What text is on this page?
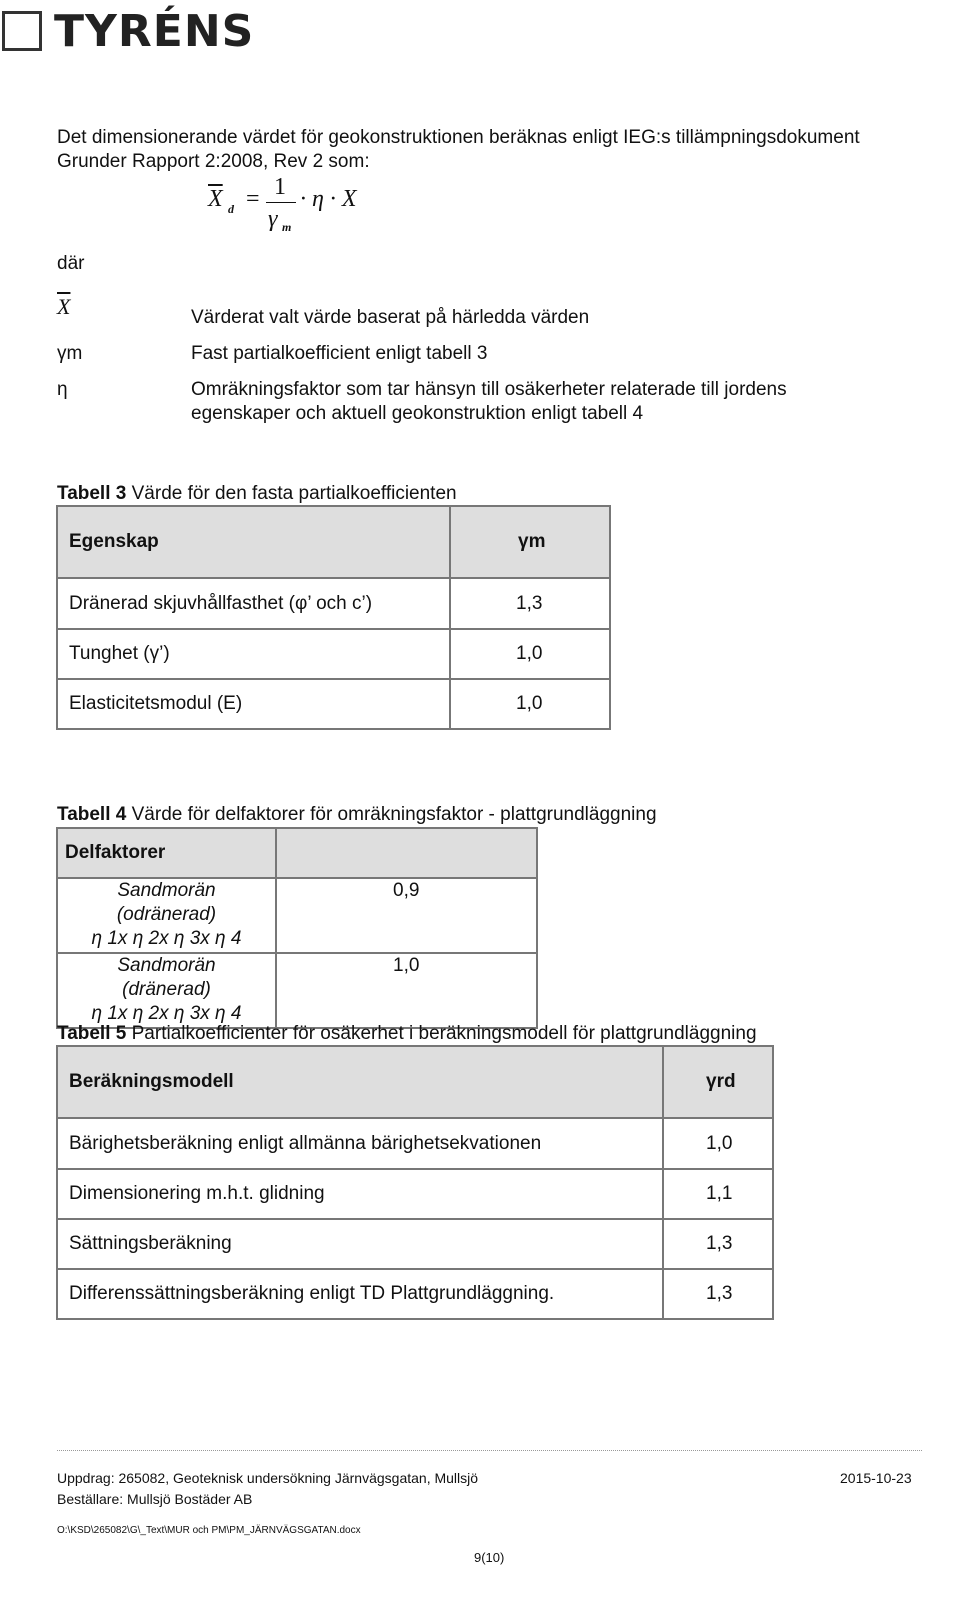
TYRÉNS
Det dimensionerande värdet för geokonstruktionen beräknas enligt IEG:s tillämpningsdokument
Grunder Rapport 2:2008, Rev 2 som:
$\overline{X}$ d = 1
γ m
· η · X
där
$\overline{X}$	Värderat valt värde baserat på härledda värden
γm	Fast partialkoefficient enligt tabell 3
η	Omräkningsfaktor som tar hänsyn till osäkerheter relaterade till jordens
egenskaper och aktuell geokonstruktion enligt tabell 4
Tabell 3 Värde för den fasta partialkoefficienten
Egenskap	γm
Dränerad skjuvhållfasthet (φ’ och c’)	1,3
Tunghet (γ’)	1,0
Elasticitetsmodul (E)	1,0
Tabell 4 Värde för delfaktorer för omräkningsfaktor - plattgrundläggning
Delfaktorer	

Sandmorän
(odränerad)
η 1x η 2x η 3x η 4	0,9

Sandmorän
(dränerad)
η 1x η 2x η 3x η 4	1,0
Tabell 5 Partialkoefficienter för osäkerhet i beräkningsmodell för plattgrundläggning
Beräkningsmodell	γrd
Bärighetsberäkning enligt allmänna bärighetsekvationen	1,0
Dimensionering m.h.t. glidning	1,1
Sättningsberäkning	1,3
Differenssättningsberäkning enligt TD Plattgrundläggning.	1,3
Uppdrag: 265082, Geoteknisk undersökning Järnvägsgatan, Mullsjö	2015-10-23
Beställare: Mullsjö Bostäder AB
O:\KSD\265082\G\_Text\MUR och PM\PM_JÄRNVÄGSGATAN.docx
9(10)
